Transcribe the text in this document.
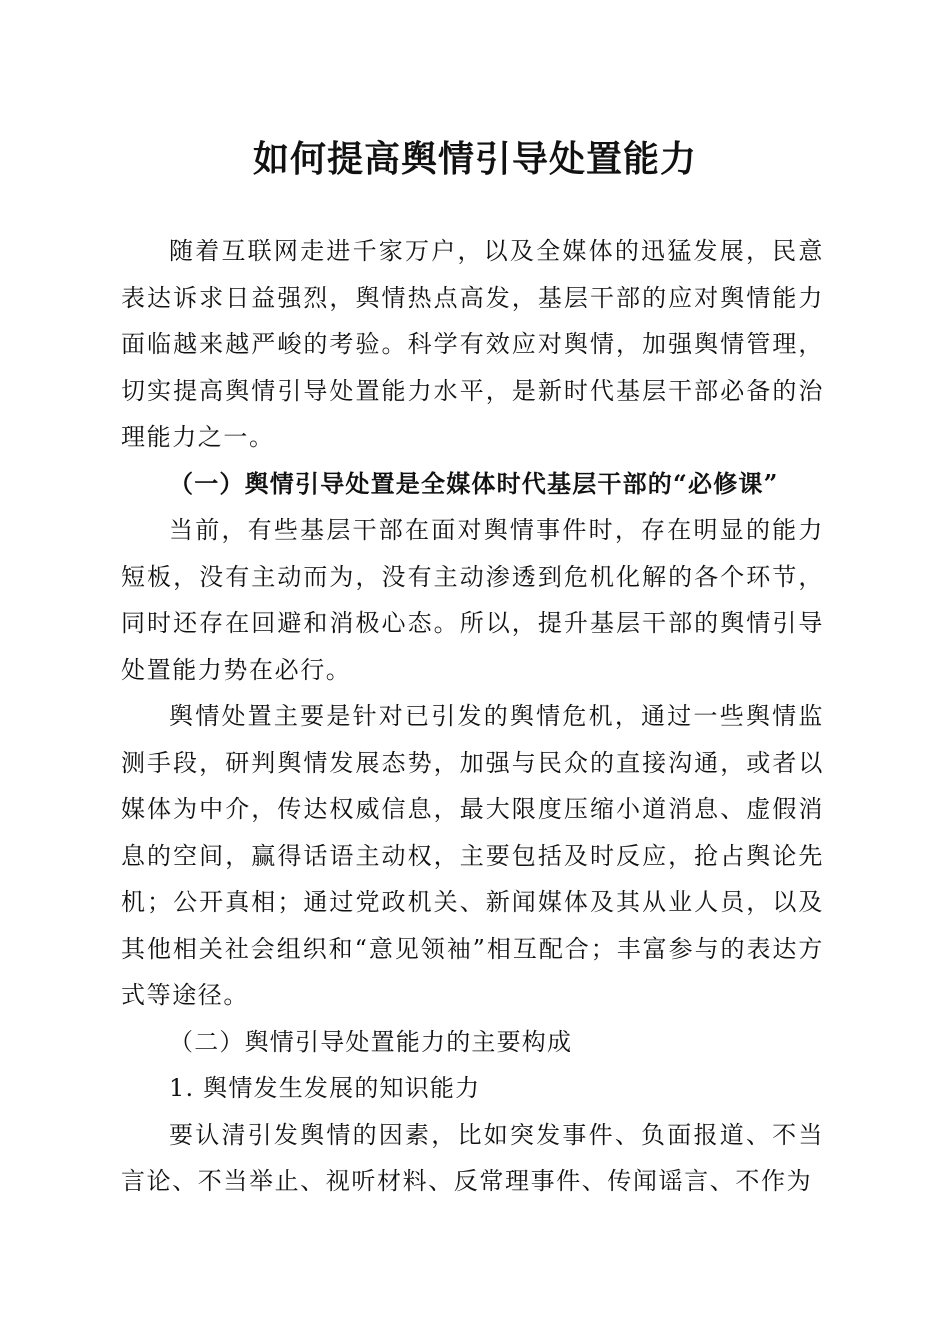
如何提高舆情引导处置能力

随着互联网走进千家万户，以及全媒体的迅猛发展，民意表达诉求日益强烈，舆情热点高发，基层干部的应对舆情能力面临越来越严峻的考验。科学有效应对舆情，加强舆情管理，切实提高舆情引导处置能力水平，是新时代基层干部必备的治理能力之一。

（一）舆情引导处置是全媒体时代基层干部的“必修课”

当前，有些基层干部在面对舆情事件时，存在明显的能力短板，没有主动而为，没有主动渗透到危机化解的各个环节，同时还存在回避和消极心态。所以，提升基层干部的舆情引导处置能力势在必行。

舆情处置主要是针对已引发的舆情危机，通过一些舆情监测手段，研判舆情发展态势，加强与民众的直接沟通，或者以媒体为中介，传达权威信息，最大限度压缩小道消息、虚假消息的空间，赢得话语主动权，主要包括及时反应，抢占舆论先机；公开真相；通过党政机关、新闻媒体及其从业人员，以及其他相关社会组织和“意见领袖”相互配合；丰富参与的表达方式等途径。

（二）舆情引导处置能力的主要构成

1. 舆情发生发展的知识能力

要认清引发舆情的因素，比如突发事件、负面报道、不当言论、不当举止、视听材料、反常理事件、传闻谣言、不作为
